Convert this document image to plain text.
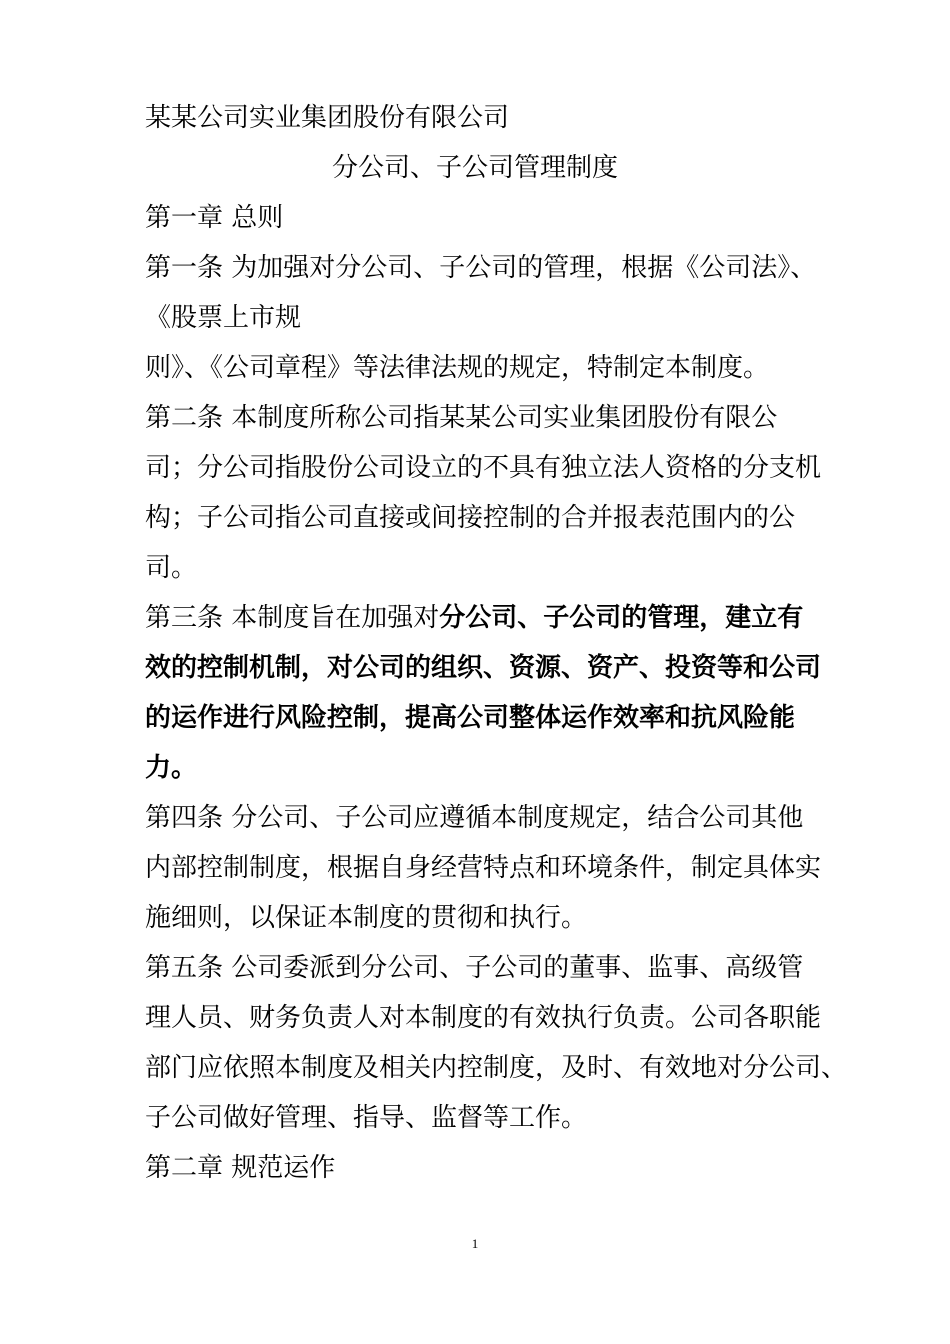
某某公司实业集团股份有限公司
分公司、子公司管理制度
第一章 总则
第一条 为加强对分公司、子公司的管理，根据《公司法》、
《股票上市规
则》、《公司章程》等法律法规的规定，特制定本制度。
第二条 本制度所称公司指某某公司实业集团股份有限公
司；分公司指股份公司设立的不具有独立法人资格的分支机
构；子公司指公司直接或间接控制的合并报表范围内的公
司。
第三条 本制度旨在加强对分公司、子公司的管理，建立有
效的控制机制，对公司的组织、资源、资产、投资等和公司
的运作进行风险控制，提高公司整体运作效率和抗风险能
力。
第四条 分公司、子公司应遵循本制度规定，结合公司其他
内部控制制度，根据自身经营特点和环境条件，制定具体实
施细则，以保证本制度的贯彻和执行。
第五条 公司委派到分公司、子公司的董事、监事、高级管
理人员、财务负责人对本制度的有效执行负责。公司各职能
部门应依照本制度及相关内控制度，及时、有效地对分公司、
子公司做好管理、指导、监督等工作。
第二章 规范运作
1
